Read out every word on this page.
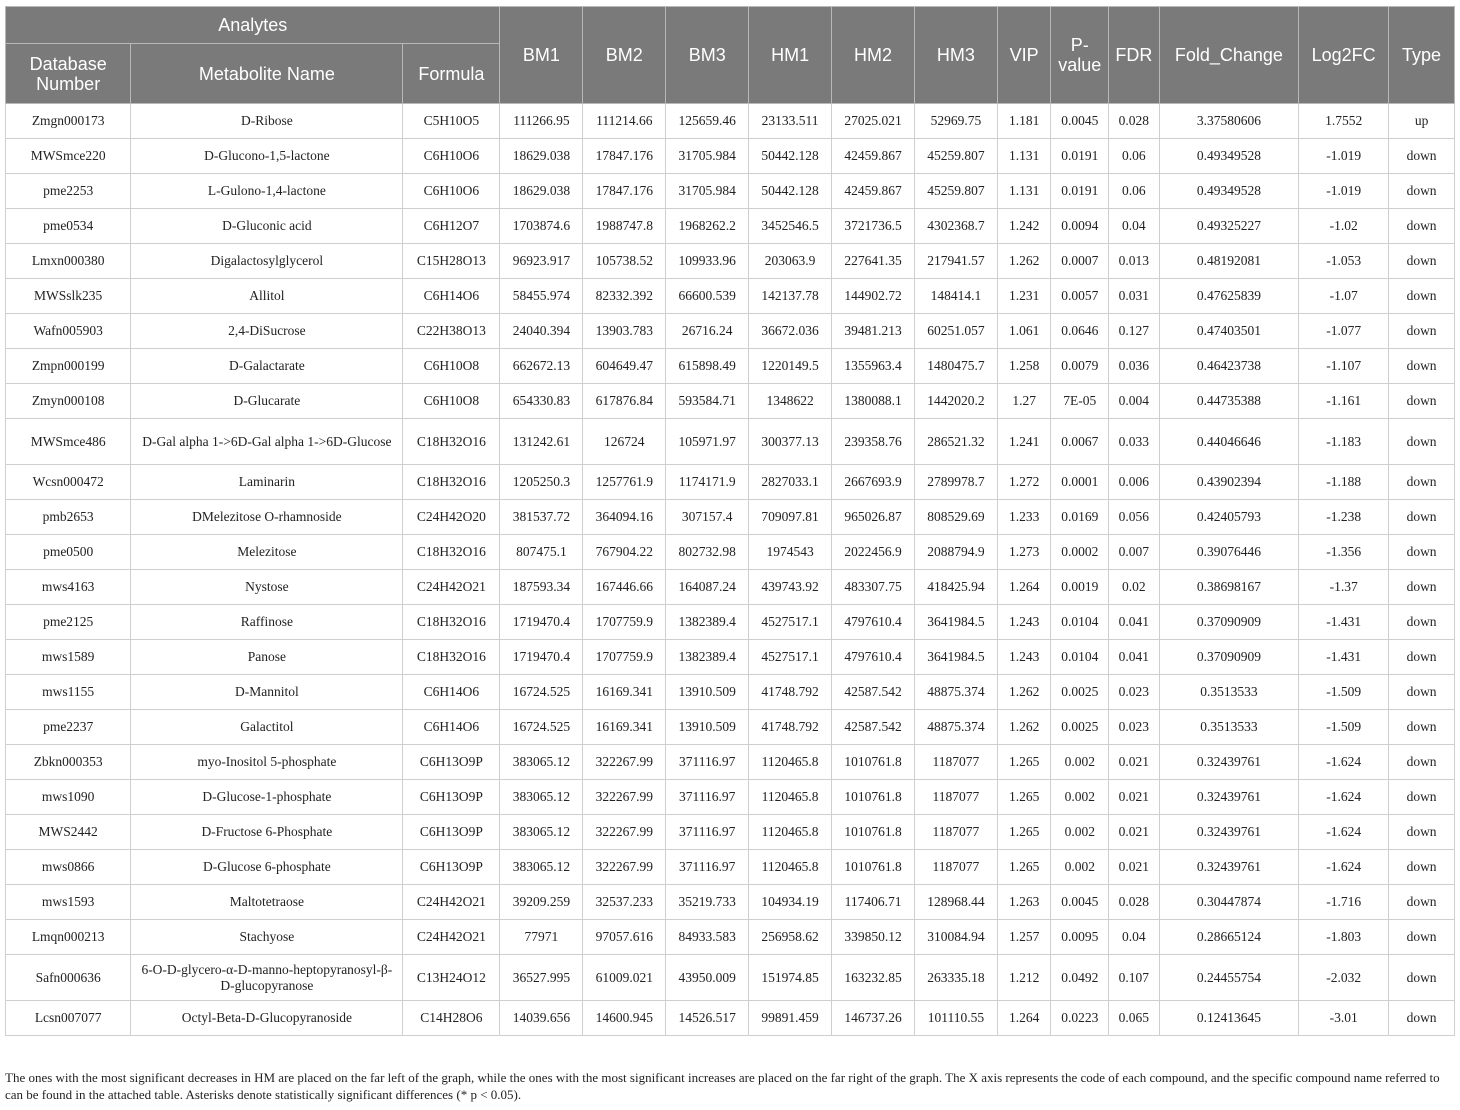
Analytes			BM1	BM2	BM3	HM1	HM2	HM3	VIP	P-value	FDR	Fold_Change	Log2FC	Type
Database Number	Metabolite Name	Formula												
Zmgn000173	D-Ribose	C5H10O5	111266.95	111214.66	125659.46	23133.511	27025.021	52969.75	1.181	0.0045	0.028	3.37580606	1.7552	up
MWSmce220	D-Glucono-1,5-lactone	C6H10O6	18629.038	17847.176	31705.984	50442.128	42459.867	45259.807	1.131	0.0191	0.06	0.49349528	-1.019	down
pme2253	L-Gulono-1,4-lactone	C6H10O6	18629.038	17847.176	31705.984	50442.128	42459.867	45259.807	1.131	0.0191	0.06	0.49349528	-1.019	down
pme0534	D-Gluconic acid	C6H12O7	1703874.6	1988747.8	1968262.2	3452546.5	3721736.5	4302368.7	1.242	0.0094	0.04	0.49325227	-1.02	down
Lmxn000380	Digalactosylglycerol	C15H28O13	96923.917	105738.52	109933.96	203063.9	227641.35	217941.57	1.262	0.0007	0.013	0.48192081	-1.053	down
MWSslk235	Allitol	C6H14O6	58455.974	82332.392	66600.539	142137.78	144902.72	148414.1	1.231	0.0057	0.031	0.47625839	-1.07	down
Wafn005903	2,4-DiSucrose	C22H38O13	24040.394	13903.783	26716.24	36672.036	39481.213	60251.057	1.061	0.0646	0.127	0.47403501	-1.077	down
Zmpn000199	D-Galactarate	C6H10O8	662672.13	604649.47	615898.49	1220149.5	1355963.4	1480475.7	1.258	0.0079	0.036	0.46423738	-1.107	down
Zmyn000108	D-Glucarate	C6H10O8	654330.83	617876.84	593584.71	1348622	1380088.1	1442020.2	1.27	7E-05	0.004	0.44735388	-1.161	down
MWSmce486	D-Gal alpha 1->6D-Gal alpha 1->6D-Glucose	C18H32O16	131242.61	126724	105971.97	300377.13	239358.76	286521.32	1.241	0.0067	0.033	0.44046646	-1.183	down
Wcsn000472	Laminarin	C18H32O16	1205250.3	1257761.9	1174171.9	2827033.1	2667693.9	2789978.7	1.272	0.0001	0.006	0.43902394	-1.188	down
pmb2653	DMelezitose O-rhamnoside	C24H42O20	381537.72	364094.16	307157.4	709097.81	965026.87	808529.69	1.233	0.0169	0.056	0.42405793	-1.238	down
pme0500	Melezitose	C18H32O16	807475.1	767904.22	802732.98	1974543	2022456.9	2088794.9	1.273	0.0002	0.007	0.39076446	-1.356	down
mws4163	Nystose	C24H42O21	187593.34	167446.66	164087.24	439743.92	483307.75	418425.94	1.264	0.0019	0.02	0.38698167	-1.37	down
pme2125	Raffinose	C18H32O16	1719470.4	1707759.9	1382389.4	4527517.1	4797610.4	3641984.5	1.243	0.0104	0.041	0.37090909	-1.431	down
mws1589	Panose	C18H32O16	1719470.4	1707759.9	1382389.4	4527517.1	4797610.4	3641984.5	1.243	0.0104	0.041	0.37090909	-1.431	down
mws1155	D-Mannitol	C6H14O6	16724.525	16169.341	13910.509	41748.792	42587.542	48875.374	1.262	0.0025	0.023	0.3513533	-1.509	down
pme2237	Galactitol	C6H14O6	16724.525	16169.341	13910.509	41748.792	42587.542	48875.374	1.262	0.0025	0.023	0.3513533	-1.509	down
Zbkn000353	myo-Inositol 5-phosphate	C6H13O9P	383065.12	322267.99	371116.97	1120465.8	1010761.8	1187077	1.265	0.002	0.021	0.32439761	-1.624	down
mws1090	D-Glucose-1-phosphate	C6H13O9P	383065.12	322267.99	371116.97	1120465.8	1010761.8	1187077	1.265	0.002	0.021	0.32439761	-1.624	down
MWS2442	D-Fructose 6-Phosphate	C6H13O9P	383065.12	322267.99	371116.97	1120465.8	1010761.8	1187077	1.265	0.002	0.021	0.32439761	-1.624	down
mws0866	D-Glucose 6-phosphate	C6H13O9P	383065.12	322267.99	371116.97	1120465.8	1010761.8	1187077	1.265	0.002	0.021	0.32439761	-1.624	down
mws1593	Maltotetraose	C24H42O21	39209.259	32537.233	35219.733	104934.19	117406.71	128968.44	1.263	0.0045	0.028	0.30447874	-1.716	down
Lmqn000213	Stachyose	C24H42O21	77971	97057.616	84933.583	256958.62	339850.12	310084.94	1.257	0.0095	0.04	0.28665124	-1.803	down
Safn000636	6-O-D-glycero-α-D-manno-heptopyranosyl-β-D-glucopyranose	C13H24O12	36527.995	61009.021	43950.009	151974.85	163232.85	263335.18	1.212	0.0492	0.107	0.24455754	-2.032	down
Lcsn007077	Octyl-Beta-D-Glucopyranoside	C14H28O6	14039.656	14600.945	14526.517	99891.459	146737.26	101110.55	1.264	0.0223	0.065	0.12413645	-3.01	down
The ones with the most significant decreases in HM are placed on the far left of the graph, while the ones with the most significant increases are placed on the far right of the graph. The X axis represents the code of each compound, and the specific compound name referred to can be found in the attached table. Asterisks denote statistically significant differences (* p < 0.05).
